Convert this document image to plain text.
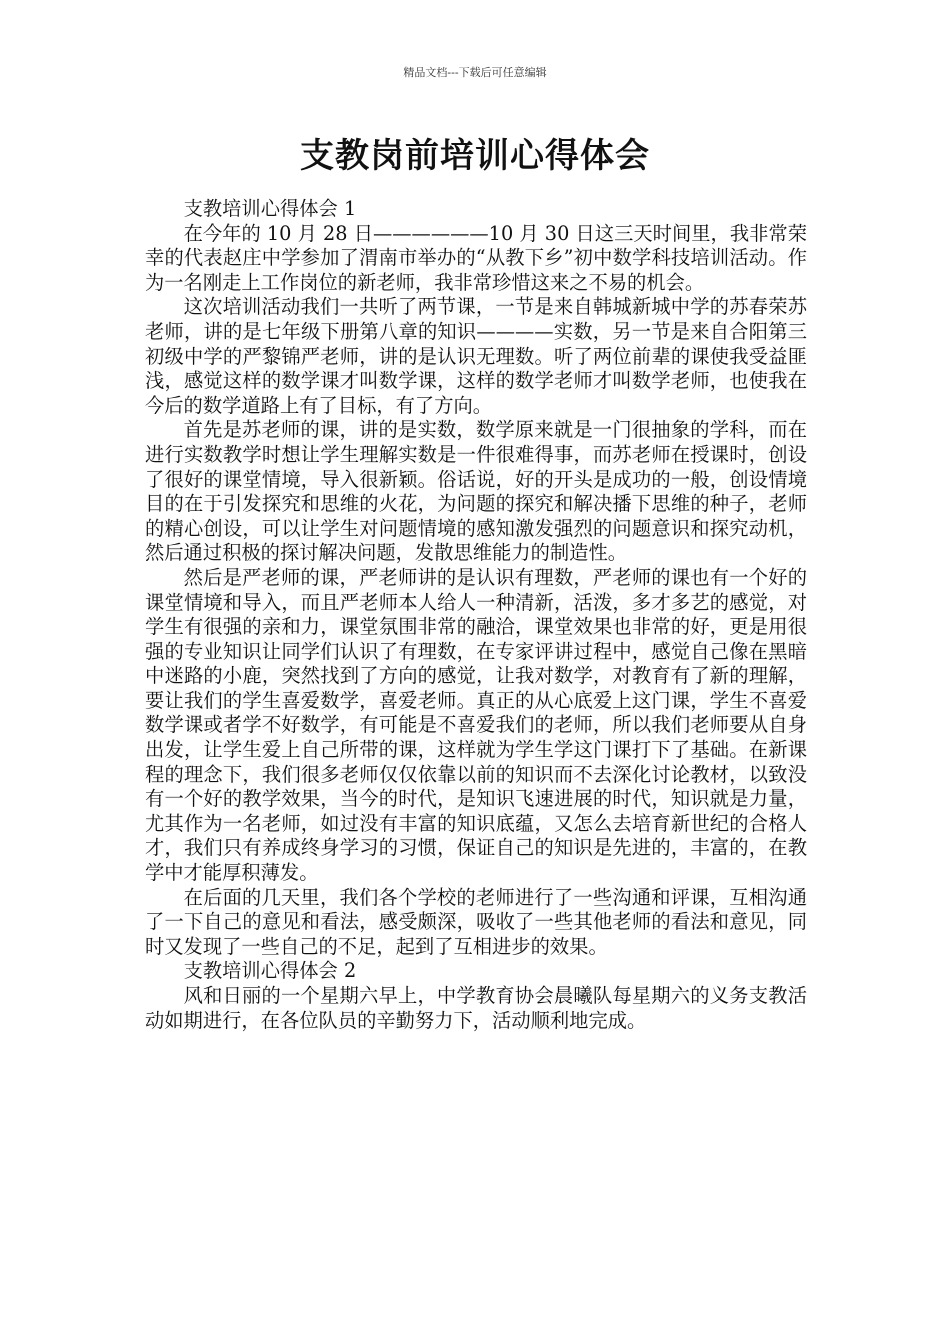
精品文档---下载后可任意编辑
支教岗前培训心得体会

支教培训心得体会 1

在今年的 10 月 28 日——————10 月 30 日这三天时间里，我非常荣幸的代表赵庄中学参加了渭南市举办的“从教下乡”初中数学科技培训活动。作为一名刚走上工作岗位的新老师，我非常珍惜这来之不易的机会。

这次培训活动我们一共听了两节课，一节是来自韩城新城中学的苏春荣苏老师，讲的是七年级下册第八章的知识————实数，另一节是来自合阳第三初级中学的严黎锦严老师，讲的是认识无理数。听了两位前辈的课使我受益匪浅，感觉这样的数学课才叫数学课，这样的数学老师才叫数学老师，也使我在今后的数学道路上有了目标，有了方向。

首先是苏老师的课，讲的是实数，数学原来就是一门很抽象的学科，而在进行实数教学时想让学生理解实数是一件很难得事，而苏老师在授课时，创设了很好的课堂情境，导入很新颖。俗话说，好的开头是成功的一般，创设情境目的在于引发探究和思维的火花，为问题的探究和解决播下思维的种子，老师的精心创设，可以让学生对问题情境的感知激发强烈的问题意识和探究动机，然后通过积极的探讨解决问题，发散思维能力的制造性。

然后是严老师的课，严老师讲的是认识有理数，严老师的课也有一个好的课堂情境和导入，而且严老师本人给人一种清新，活泼，多才多艺的感觉，对学生有很强的亲和力，课堂氛围非常的融洽，课堂效果也非常的好，更是用很强的专业知识让同学们认识了有理数，在专家评讲过程中，感觉自己像在黑暗中迷路的小鹿，突然找到了方向的感觉，让我对数学，对教育有了新的理解，要让我们的学生喜爱数学，喜爱老师。真正的从心底爱上这门课，学生不喜爱数学课或者学不好数学，有可能是不喜爱我们的老师，所以我们老师要从自身出发，让学生爱上自己所带的课，这样就为学生学这门课打下了基础。在新课程的理念下，我们很多老师仅仅依靠以前的知识而不去深化讨论教材，以致没有一个好的教学效果，当今的时代，是知识飞速进展的时代，知识就是力量，尤其作为一名老师，如过没有丰富的知识底蕴，又怎么去培育新世纪的合格人才，我们只有养成终身学习的习惯，保证自己的知识是先进的，丰富的，在教学中才能厚积薄发。

在后面的几天里，我们各个学校的老师进行了一些沟通和评课，互相沟通了一下自己的意见和看法，感受颇深，吸收了一些其他老师的看法和意见，同时又发现了一些自己的不足，起到了互相进步的效果。

支教培训心得体会 2

风和日丽的一个星期六早上，中学教育协会晨曦队每星期六的义务支教活动如期进行，在各位队员的辛勤努力下，活动顺利地完成。
